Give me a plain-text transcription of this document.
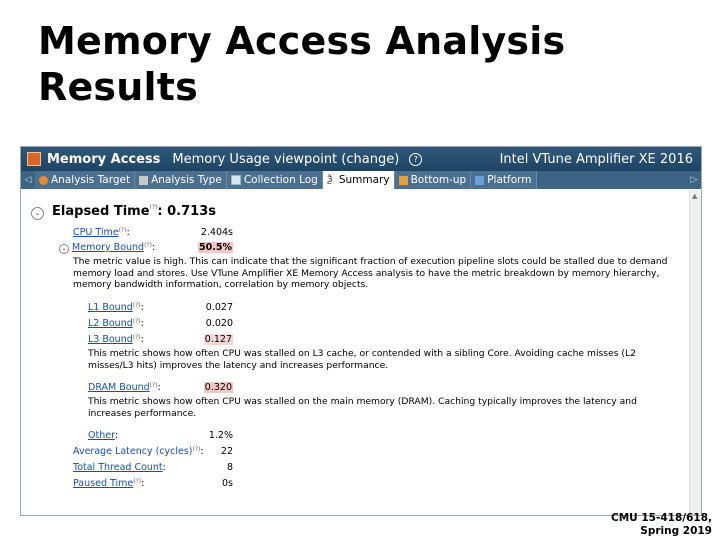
Memory Access Analysis
Results
Memory Access Memory Usage viewpoint (change)	?	Intel VTune Amplifier XE 2016
◁	Analysis Target Analysis Type Collection Log Ѯ Summary Bottom-up Platform	▷
⌄ Elapsed Time(?): 0.713s
CPU Time(?):	2.404s
⌄ Memory Bound(?):	50.5%
The metric value is high. This can indicate that the significant fraction of execution pipeline slots could be stalled due to demand memory load and stores. Use VTune Amplifier XE Memory Access analysis to have the metric breakdown by memory hierarchy, memory bandwidth information, correlation by memory objects.
L1 Bound(?):	0.027
L2 Bound(?):	0.020
L3 Bound(?):	0.127
This metric shows how often CPU was stalled on L3 cache, or contended with a sibling Core. Avoiding cache misses (L2 misses/L3 hits) improves the latency and increases performance.
DRAM Bound(?):	0.320
This metric shows how often CPU was stalled on the main memory (DRAM). Caching typically improves the latency and increases performance.
Other:	1.2%
Average Latency (cycles)(?):	22
Total Thread Count:	8
Paused Time(?):	0s
▲
CMU 15-418/618,
Spring 2019
